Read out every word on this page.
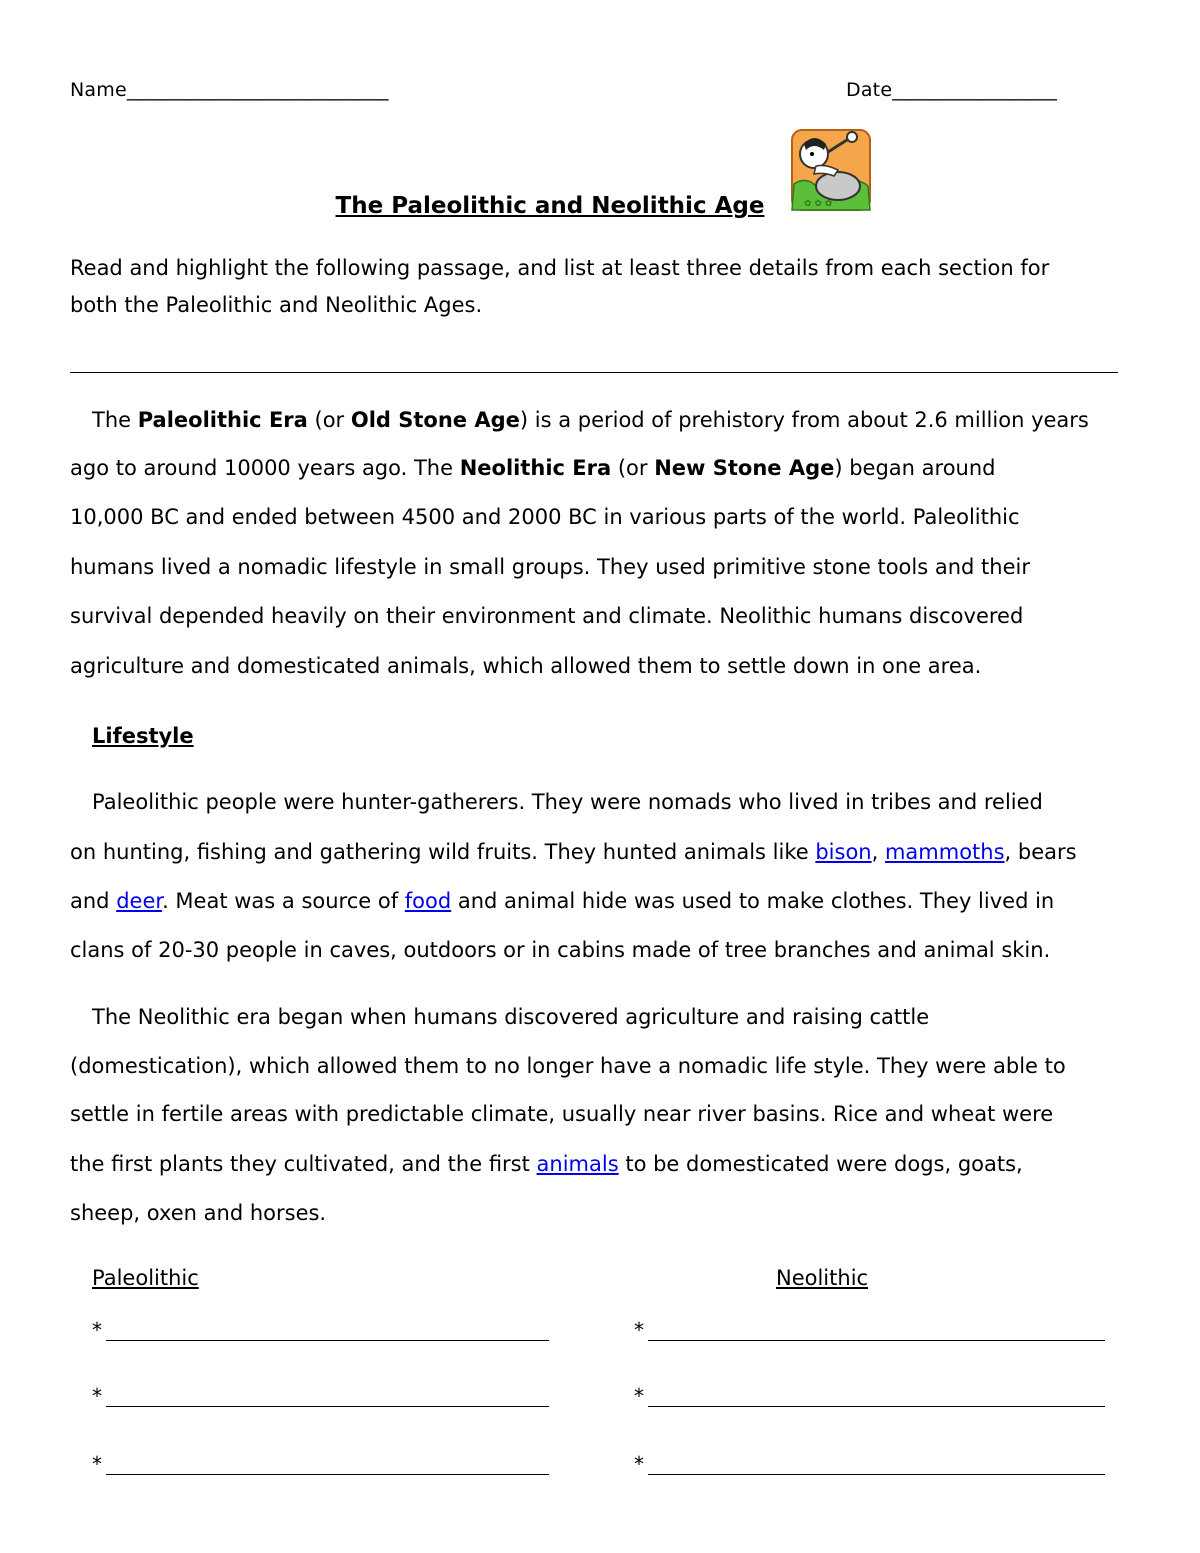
Name___________________________	Date_________________
The Paleolithic and Neolithic Age	✿ ✿ ✿
Read and highlight the following passage, and list at least three details from each section for
both the Paleolithic and Neolithic Ages.
The Paleolithic Era (or Old Stone Age) is a period of prehistory from about 2.6 million years
ago to around 10000 years ago. The Neolithic Era (or New Stone Age) began around
10,000 BC and ended between 4500 and 2000 BC in various parts of the world. Paleolithic
humans lived a nomadic lifestyle in small groups. They used primitive stone tools and their
survival depended heavily on their environment and climate. Neolithic humans discovered
agriculture and domesticated animals, which allowed them to settle down in one area.
Lifestyle
Paleolithic people were hunter-gatherers. They were nomads who lived in tribes and relied
on hunting, fishing and gathering wild fruits. They hunted animals like bison, mammoths, bears
and deer. Meat was a source of food and animal hide was used to make clothes. They lived in
clans of 20-30 people in caves, outdoors or in cabins made of tree branches and animal skin.
The Neolithic era began when humans discovered agriculture and raising cattle
(domestication), which allowed them to no longer have a nomadic life style. They were able to
settle in fertile areas with predictable climate, usually near river basins. Rice and wheat were
the first plants they cultivated, and the first animals to be domesticated were dogs, goats,
sheep, oxen and horses.
Paleolithic	Neolithic
*
*
*
*
*
*
